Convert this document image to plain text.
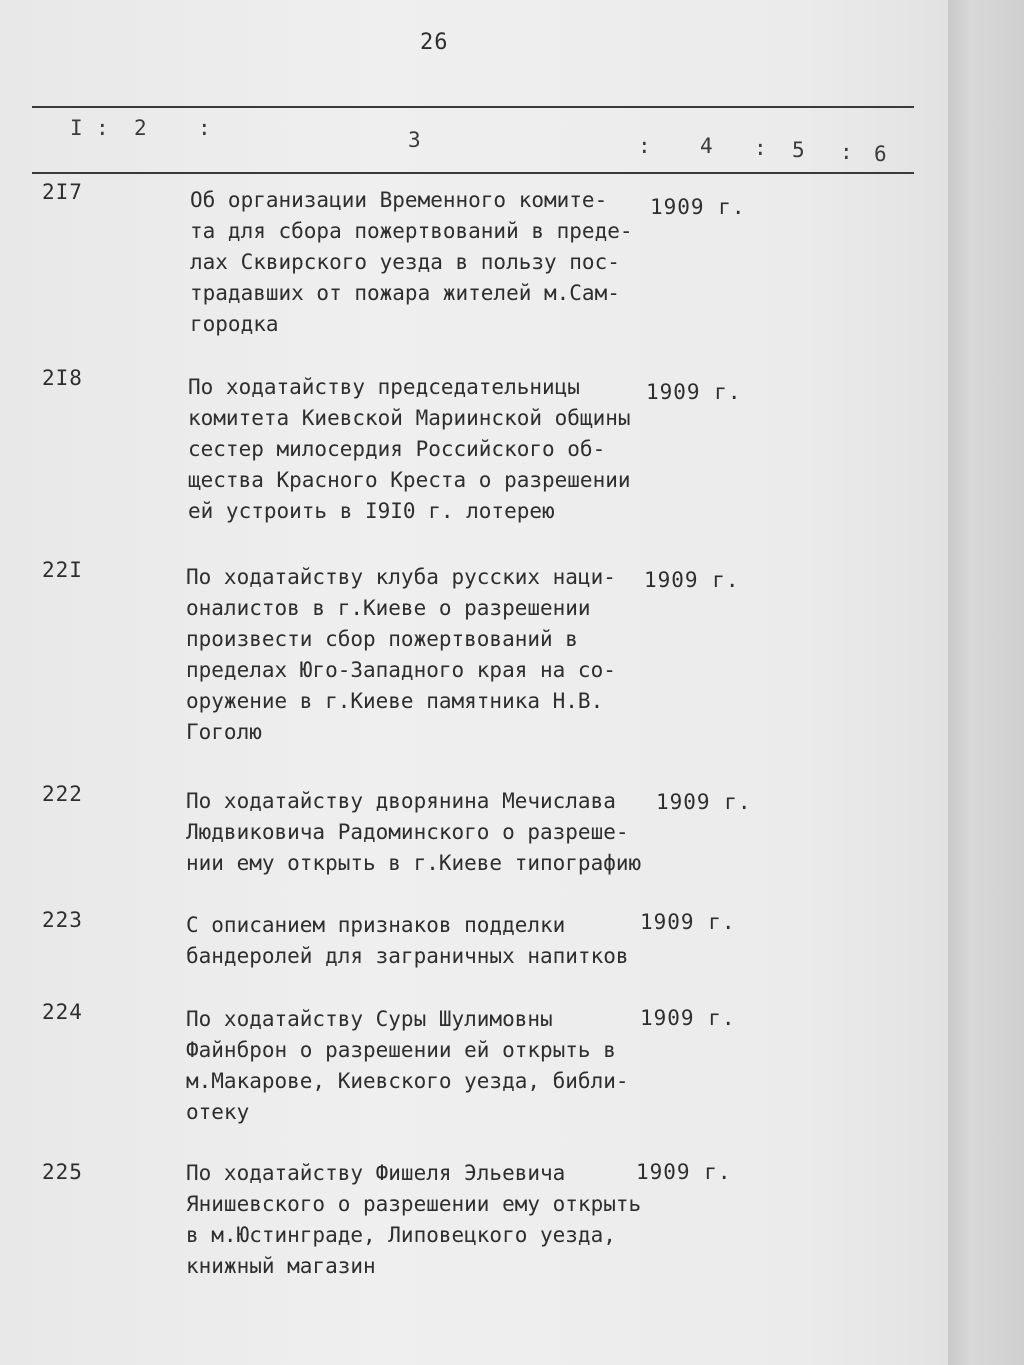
26
I : 2 :	3	: 4 : 5 : 6
2I7	Об организации Временного комите-
та для сбора пожертвований в преде-
лах Сквирского уезда в пользу пос-
традавших от пожара жителей м.Сам-
городка
1909 г.
2I8	По ходатайству председательницы
комитета Киевской Мариинской общины
сестер милосердия Российского об-
щества Красного Креста о разрешении
ей устроить в I9I0 г. лотерею
1909 г.
22I	По ходатайству клуба русских наци-
оналистов в г.Киеве о разрешении
произвести сбор пожертвований в
пределах Юго-Западного края на со-
оружение в г.Киеве памятника Н.В.
Гоголю
1909 г.
222	По ходатайству дворянина Мечислава
Людвиковича Радоминского о разреше-
нии ему открыть в г.Киеве типографию
1909 г.
223	С описанием признаков подделки
бандеролей для заграничных напитков
1909 г.
224	По ходатайству Суры Шулимовны
Файнброн о разрешении ей открыть в
м.Макарове, Киевского уезда, библи-
отеку
1909 г.
225	По ходатайству Фишеля Эльевича
Янишевского о разрешении ему открыть
в м.Юстинграде, Липовецкого уезда,
книжный магазин
1909 г.
